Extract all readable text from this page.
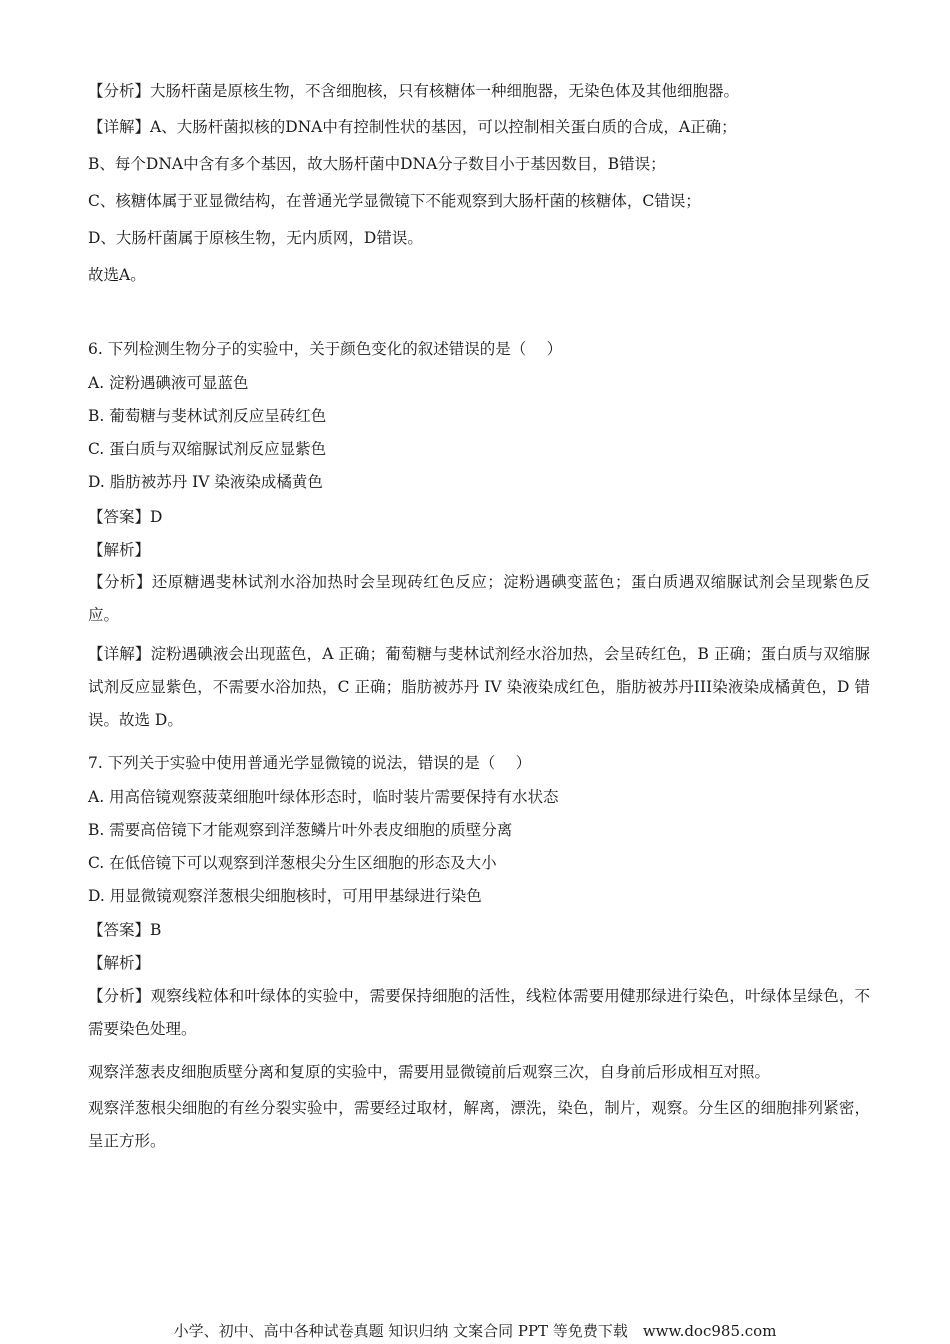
【分析】大肠杆菌是原核生物，不含细胞核，只有核糖体一种细胞器，无染色体及其他细胞器。
【详解】A、大肠杆菌拟核的DNA中有控制性状的基因，可以控制相关蛋白质的合成，A正确；
B、每个DNA中含有多个基因，故大肠杆菌中DNA分子数目小于基因数目，B错误；
C、核糖体属于亚显微结构，在普通光学显微镜下不能观察到大肠杆菌的核糖体，C错误；
D、大肠杆菌属于原核生物，无内质网，D错误。
故选A。
6. 下列检测生物分子的实验中，关于颜色变化的叙述错误的是（　 ）
A. 淀粉遇碘液可显蓝色
B. 葡萄糖与斐林试剂反应呈砖红色
C. 蛋白质与双缩脲试剂反应显紫色
D. 脂肪被苏丹 IV 染液染成橘黄色
【答案】D
【解析】
【分析】还原糖遇斐林试剂水浴加热时会呈现砖红色反应；淀粉遇碘变蓝色；蛋白质遇双缩脲试剂会呈现紫色反应。
【详解】淀粉遇碘液会出现蓝色，A 正确；葡萄糖与斐林试剂经水浴加热，会呈砖红色，B 正确；蛋白质与双缩脲试剂反应显紫色，不需要水浴加热，C 正确；脂肪被苏丹 IV 染液染成红色，脂肪被苏丹III染液染成橘黄色，D 错误。故选 D。
7. 下列关于实验中使用普通光学显微镜的说法，错误的是（　 ）
A. 用高倍镜观察菠菜细胞叶绿体形态时，临时装片需要保持有水状态
B. 需要高倍镜下才能观察到洋葱鳞片叶外表皮细胞的质壁分离
C. 在低倍镜下可以观察到洋葱根尖分生区细胞的形态及大小
D. 用显微镜观察洋葱根尖细胞核时，可用甲基绿进行染色
【答案】B
【解析】
【分析】观察线粒体和叶绿体的实验中，需要保持细胞的活性，线粒体需要用健那绿进行染色，叶绿体呈绿色，不需要染色处理。
观察洋葱表皮细胞质壁分离和复原的实验中，需要用显微镜前后观察三次，自身前后形成相互对照。
观察洋葱根尖细胞的有丝分裂实验中，需要经过取材，解离，漂洗，染色，制片，观察。分生区的细胞排列紧密，呈正方形。
小学、初中、高中各种试卷真题 知识归纳 文案合同 PPT 等免费下载　www.doc985.com
